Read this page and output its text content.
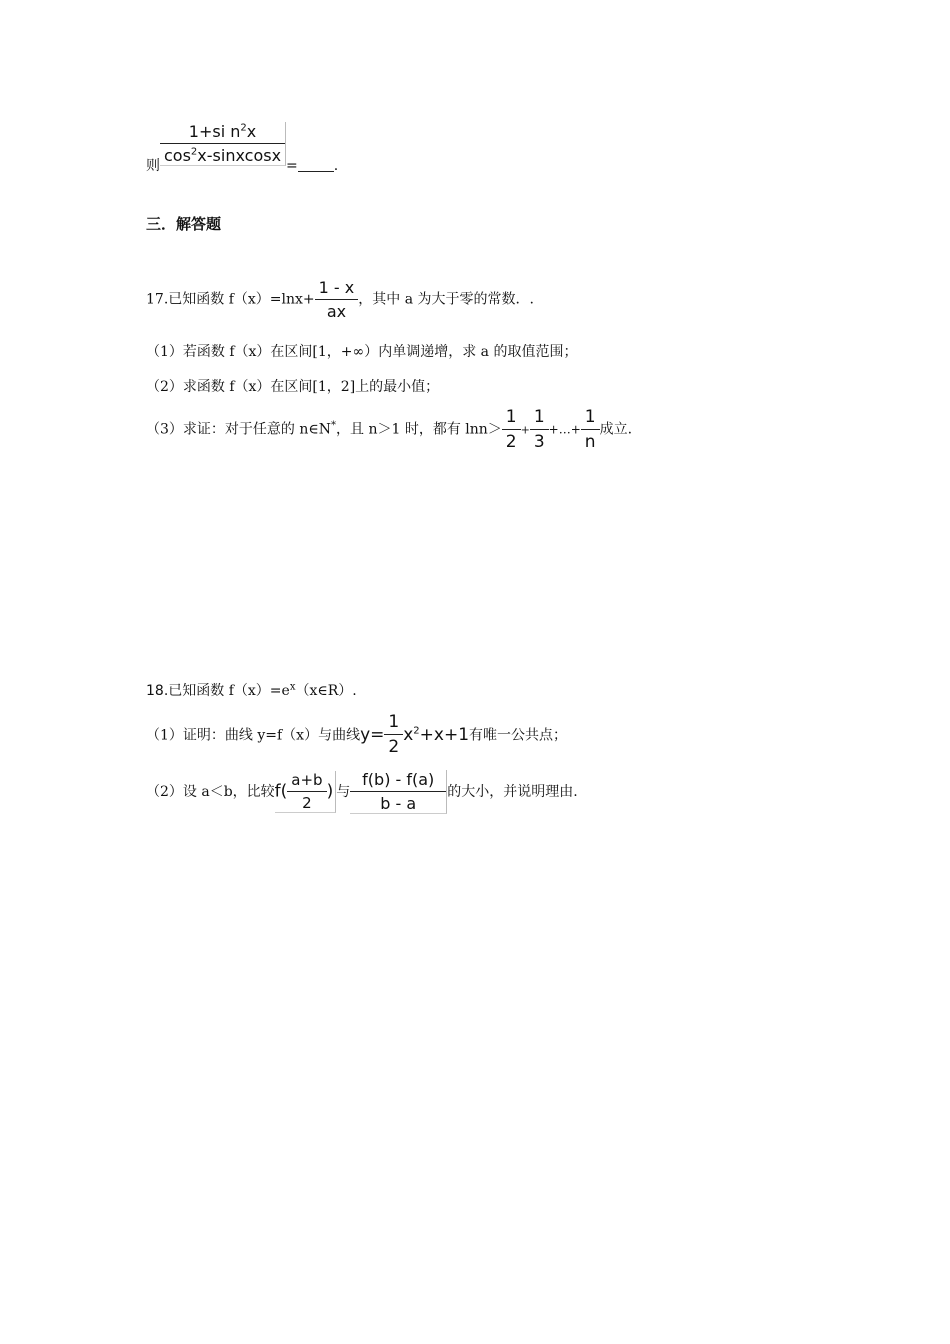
则 $\frac{1+si n^2x}{\cos^2x-sinxcosx}$ =	.
三．解答题
17.已知函数 $f(x)=\ln x+ \frac{1 - x}{ax}$ ，其中 a 为大于零的常数．.
（1）若函数 f（x）在区间[1，+∞）内单调递增，求 a 的取值范围；
（2）求函数 f（x）在区间[1，2]上的最小值；
（3）求证：对于任意的 n∈N*，且 n＞1 时，都有 $\ln n> \frac{1}{2} + \frac{1}{3}$ +…+ $\frac{1}{n}$ 成立.
18.已知函数 $f(x)=e^x(x\in R)$.
（1）证明：曲线 y=f（x）与曲线$y= \frac{1}{2} x^2+x+1$有唯一公共点；
（2）设 a＜b，比较$f( \frac{a+b}{2}$ ) 与 $\frac{f(b) - f(a)}{b - a}$ 的大小，并说明理由.
